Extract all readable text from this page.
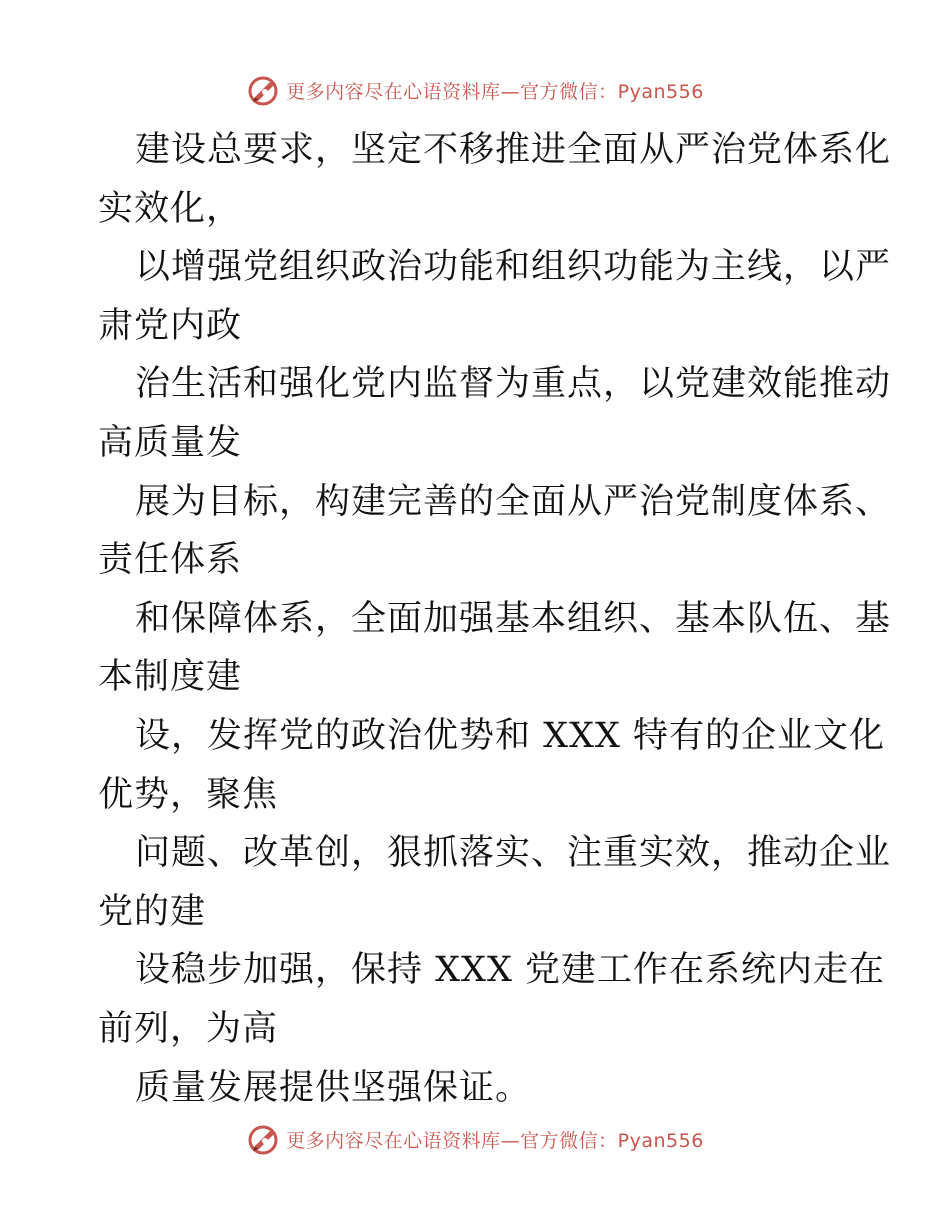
更多内容尽在心语资料库—官方微信：Pyan556
建设总要求，坚定不移推进全面从严治党体系化
实效化，
以增强党组织政治功能和组织功能为主线，以严
肃党内政
治生活和强化党内监督为重点，以党建效能推动
高质量发
展为目标，构建完善的全面从严治党制度体系、
责任体系
和保障体系，全面加强基本组织、基本队伍、基
本制度建
设，发挥党的政治优势和 XXX 特有的企业文化
优势，聚焦
问题、改革创，狠抓落实、注重实效，推动企业
党的建
设稳步加强，保持 XXX 党建工作在系统内走在
前列，为高
质量发展提供坚强保证。
更多内容尽在心语资料库—官方微信：Pyan556
